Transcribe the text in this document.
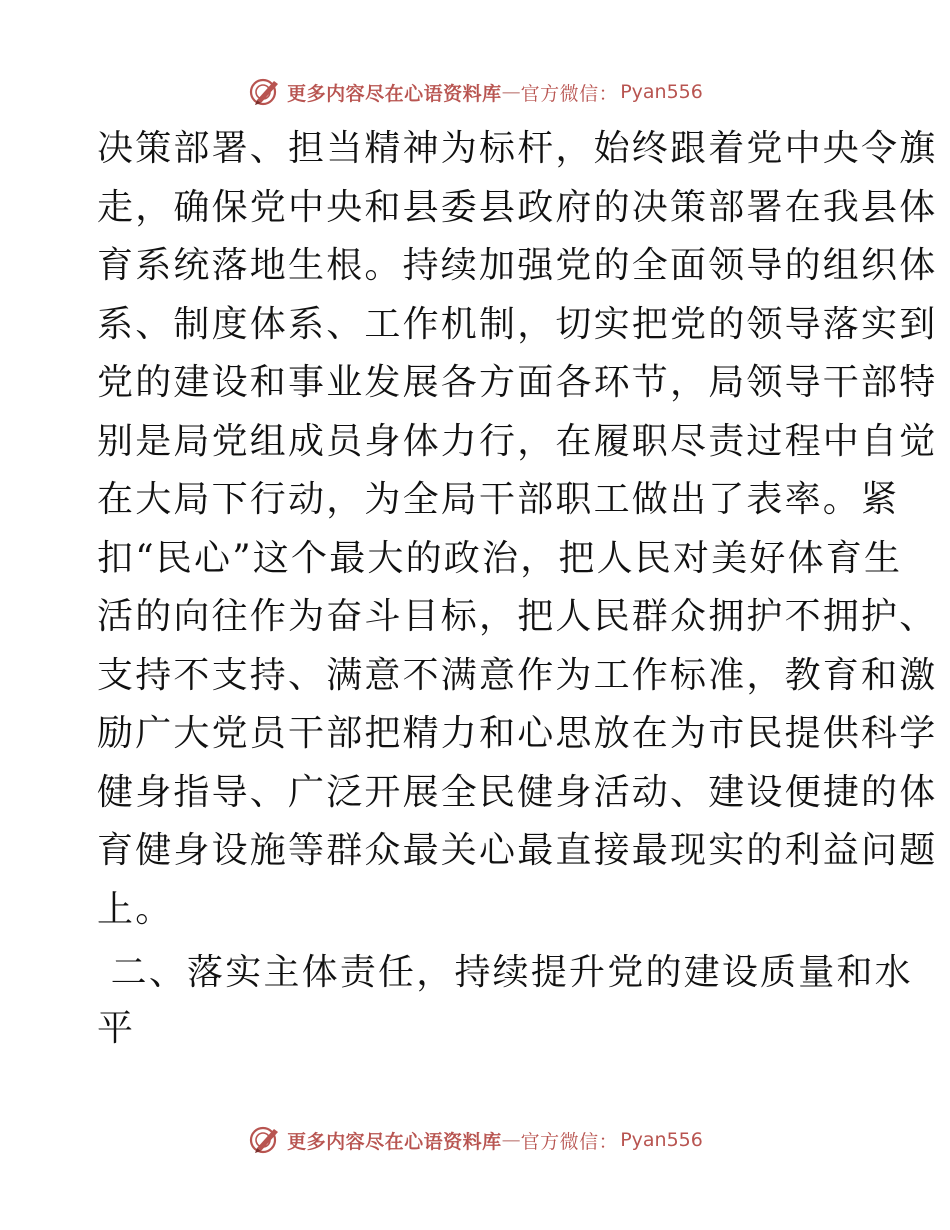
更多内容尽在心语资料库 — 官方微信： Pyan556
决策部署、担当精神为标杆，始终跟着党中央令旗
走，确保党中央和县委县政府的决策部署在我县体
育系统落地生根。持续加强党的全面领导的组织体
系、制度体系、工作机制，切实把党的领导落实到
党的建设和事业发展各方面各环节，局领导干部特
别是局党组成员身体力行，在履职尽责过程中自觉
在大局下行动，为全局干部职工做出了表率。紧
扣“民心”这个最大的政治，把人民对美好体育生
活的向往作为奋斗目标，把人民群众拥护不拥护、
支持不支持、满意不满意作为工作标准，教育和激
励广大党员干部把精力和心思放在为市民提供科学
健身指导、广泛开展全民健身活动、建设便捷的体
育健身设施等群众最关心最直接最现实的利益问题
上。
二、落实主体责任，持续提升党的建设质量和水
平
更多内容尽在心语资料库 — 官方微信： Pyan556
